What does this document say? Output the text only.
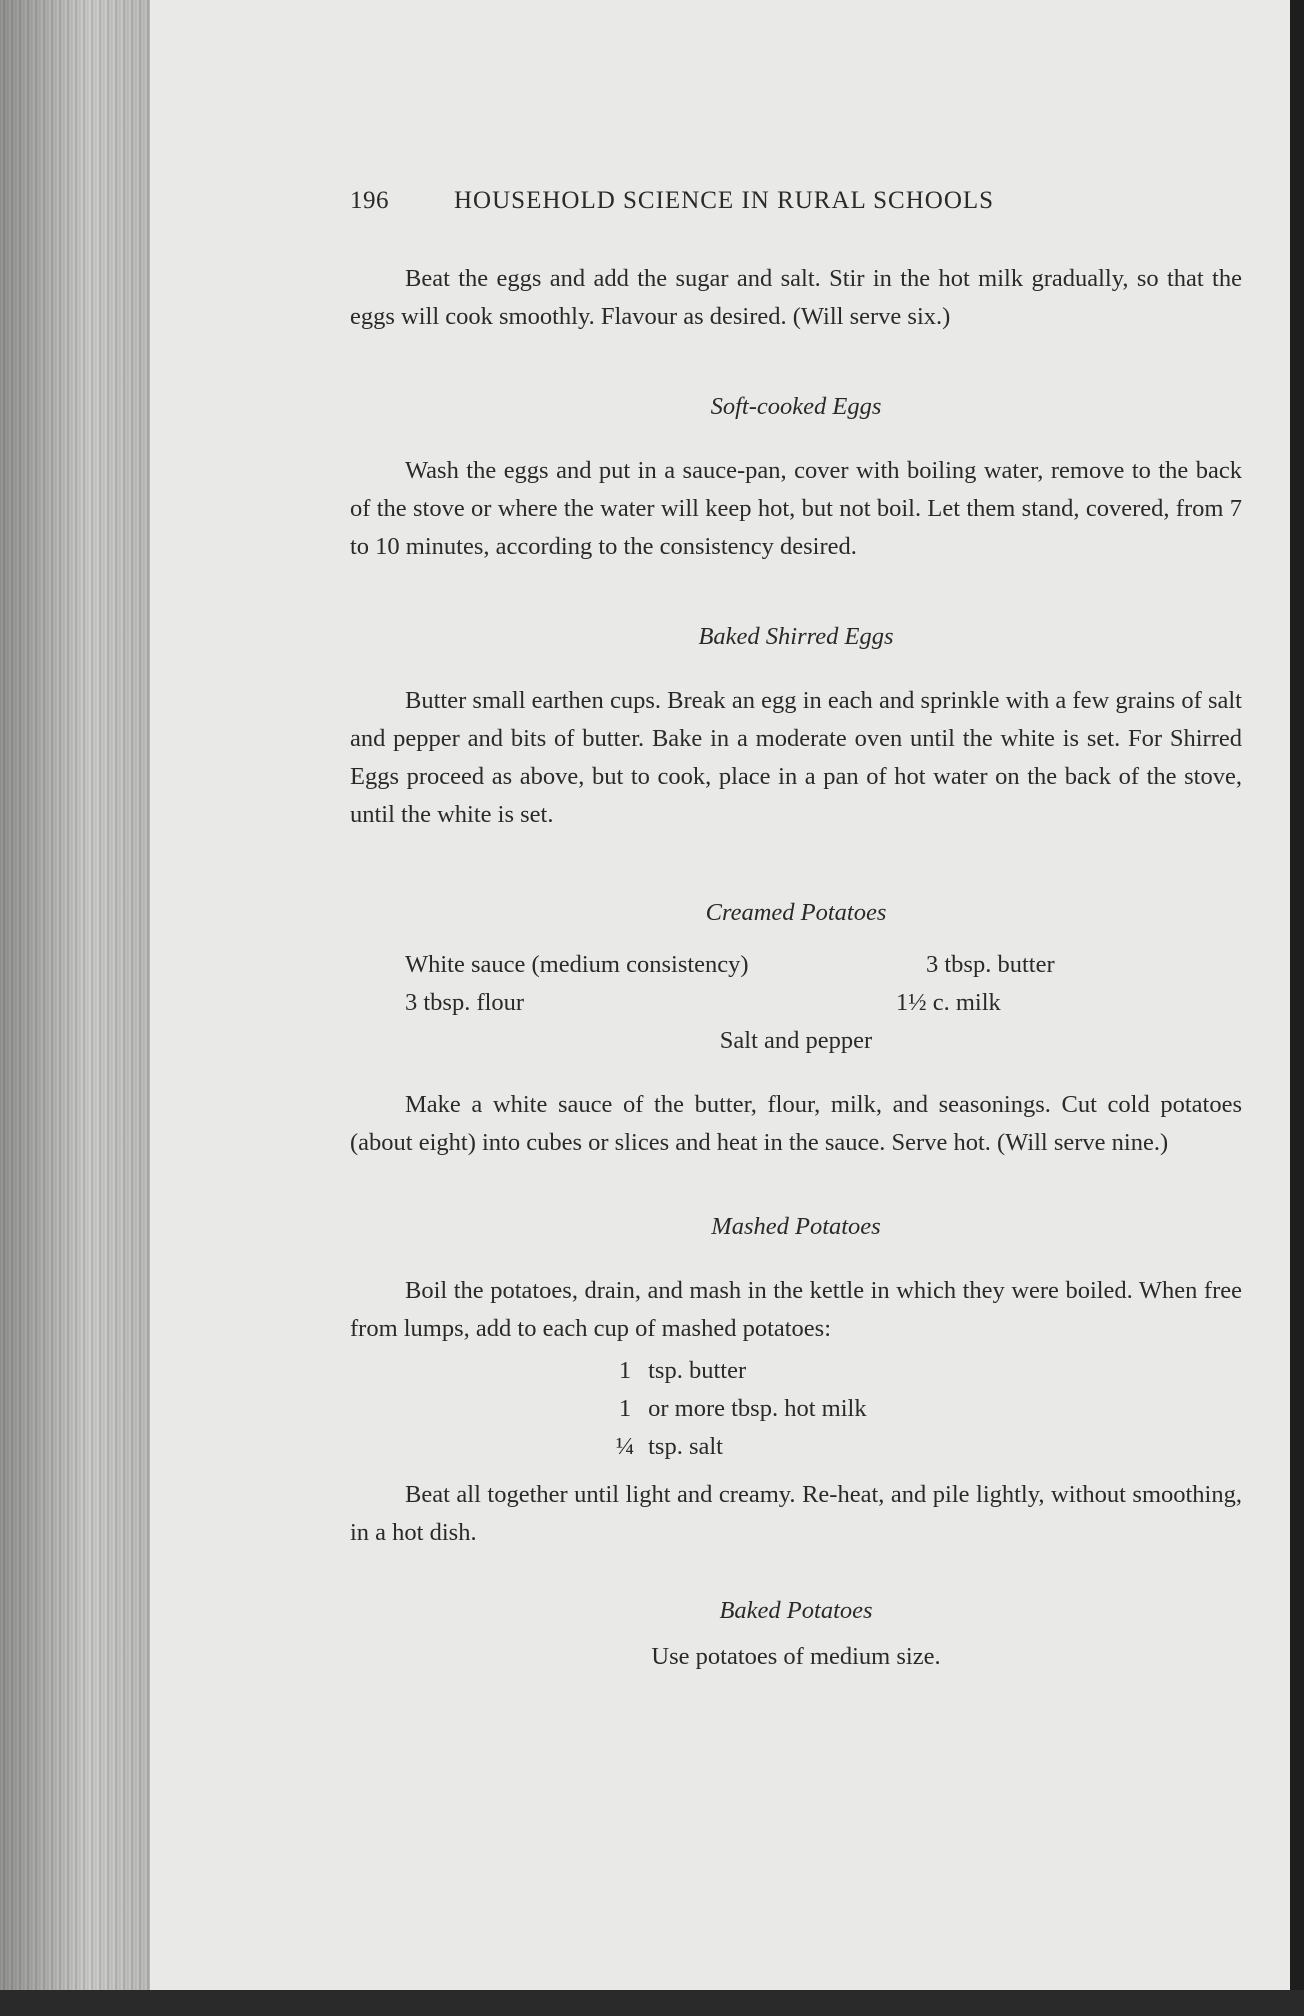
196	HOUSEHOLD SCIENCE IN RURAL SCHOOLS

Beat the eggs and add the sugar and salt. Stir in the hot milk gradually, so that the eggs will cook smoothly. Flavour as desired. (Will serve six.)

Soft-cooked Eggs

Wash the eggs and put in a sauce-pan, cover with boiling water, remove to the back of the stove or where the water will keep hot, but not boil. Let them stand, covered, from 7 to 10 minutes, according to the consistency desired.

Baked Shirred Eggs

Butter small earthen cups. Break an egg in each and sprinkle with a few grains of salt and pepper and bits of butter. Bake in a moderate oven until the white is set. For Shirred Eggs proceed as above, but to cook, place in a pan of hot water on the back of the stove, until the white is set.

Creamed Potatoes
White sauce (medium consistency)	3 tbsp. butter
3 tbsp. flour	1½ c. milk
Salt and pepper

Make a white sauce of the butter, flour, milk, and seasonings. Cut cold potatoes (about eight) into cubes or slices and heat in the sauce. Serve hot. (Will serve nine.)

Mashed Potatoes

Boil the potatoes, drain, and mash in the kettle in which they were boiled. When free from lumps, add to each cup of mashed potatoes:

1 tsp. butter
1 or more tbsp. hot milk
¼ tsp. salt

Beat all together until light and creamy. Re-heat, and pile lightly, without smoothing, in a hot dish.

Baked Potatoes
Use potatoes of medium size.
